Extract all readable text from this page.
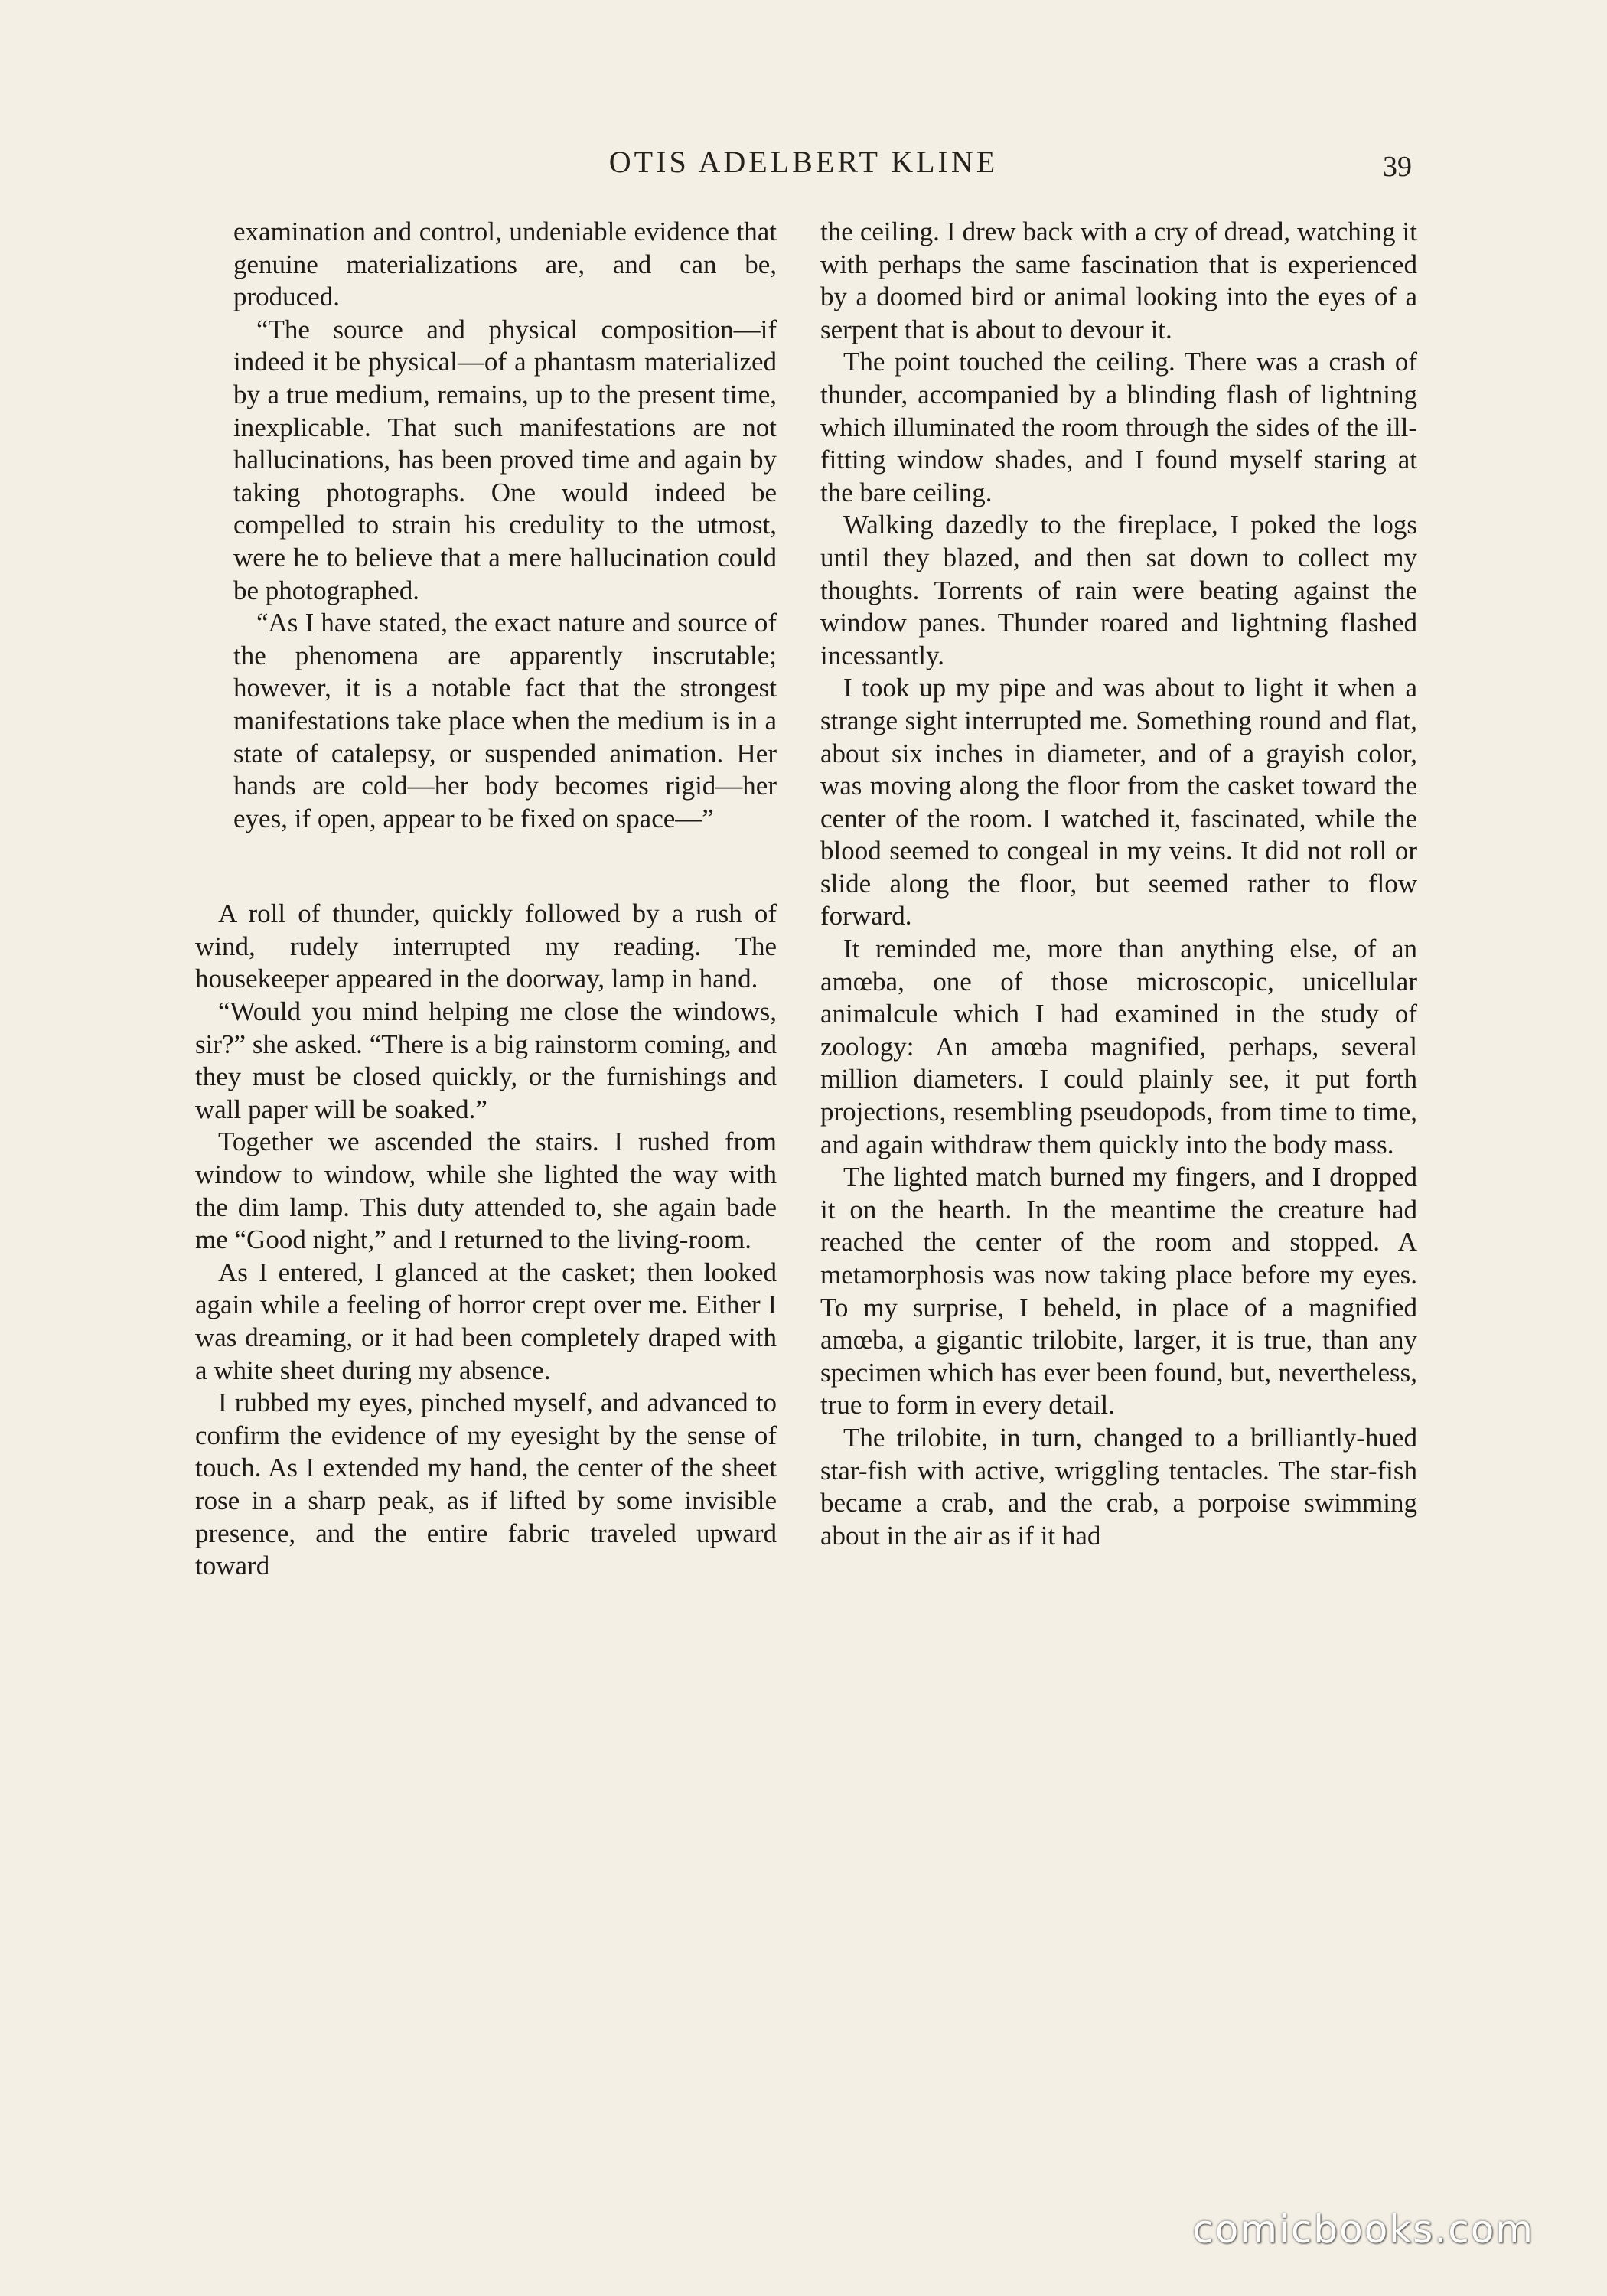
OTIS ADELBERT KLINE	39

examination and control, undeniable evidence that genuine materializations are, and can be, produced.

“The source and physical composition—if indeed it be physical—of a phantasm materialized by a true medium, remains, up to the present time, inexplicable. That such manifestations are not hallucinations, has been proved time and again by taking photographs. One would indeed be compelled to strain his credulity to the utmost, were he to believe that a mere hallucination could be photographed.

“As I have stated, the exact nature and source of the phenomena are apparently inscrutable; however, it is a notable fact that the strongest manifestations take place when the medium is in a state of catalepsy, or suspended animation. Her hands are cold—her body becomes rigid—her eyes, if open, appear to be fixed on space—”

A roll of thunder, quickly followed by a rush of wind, rudely interrupted my reading. The housekeeper appeared in the doorway, lamp in hand.

“Would you mind helping me close the windows, sir?” she asked. “There is a big rainstorm coming, and they must be closed quickly, or the furnishings and wall paper will be soaked.”

Together we ascended the stairs. I rushed from window to window, while she lighted the way with the dim lamp. This duty attended to, she again bade me “Good night,” and I returned to the living-room.

As I entered, I glanced at the casket; then looked again while a feeling of horror crept over me. Either I was dreaming, or it had been completely draped with a white sheet during my absence.

I rubbed my eyes, pinched myself, and advanced to confirm the evidence of my eyesight by the sense of touch. As I extended my hand, the center of the sheet rose in a sharp peak, as if lifted by some invisible presence, and the entire fabric traveled upward toward

the ceiling. I drew back with a cry of dread, watching it with perhaps the same fascination that is experienced by a doomed bird or animal looking into the eyes of a serpent that is about to devour it.

The point touched the ceiling. There was a crash of thunder, accompanied by a blinding flash of lightning which illuminated the room through the sides of the ill-fitting window shades, and I found myself staring at the bare ceiling.

Walking dazedly to the fireplace, I poked the logs until they blazed, and then sat down to collect my thoughts. Torrents of rain were beating against the window panes. Thunder roared and lightning flashed incessantly.

I took up my pipe and was about to light it when a strange sight interrupted me. Something round and flat, about six inches in diameter, and of a grayish color, was moving along the floor from the casket toward the center of the room. I watched it, fascinated, while the blood seemed to congeal in my veins. It did not roll or slide along the floor, but seemed rather to flow forward.

It reminded me, more than anything else, of an amœba, one of those microscopic, unicellular animalcule which I had examined in the study of zoology: An amœba magnified, perhaps, several million diameters. I could plainly see, it put forth projections, resembling pseudopods, from time to time, and again withdraw them quickly into the body mass.

The lighted match burned my fingers, and I dropped it on the hearth. In the meantime the creature had reached the center of the room and stopped. A metamorphosis was now taking place before my eyes. To my surprise, I beheld, in place of a magnified amœba, a gigantic trilobite, larger, it is true, than any specimen which has ever been found, but, nevertheless, true to form in every detail.

The trilobite, in turn, changed to a brilliantly-hued star-fish with active, wriggling tentacles. The star-fish became a crab, and the crab, a porpoise swimming about in the air as if it had

comicbooks.com
